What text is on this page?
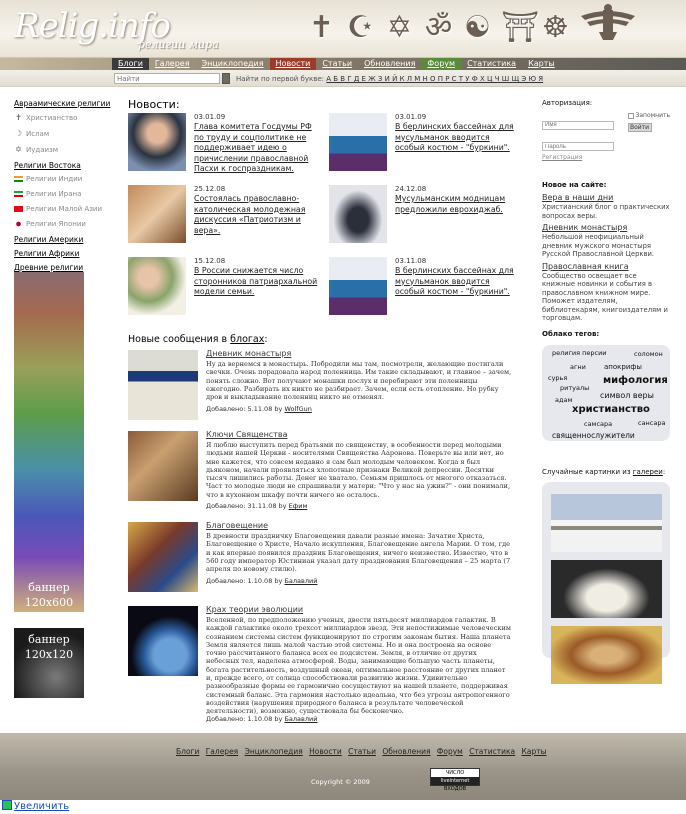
Relig.info
религии мира	✝ ☪ ✡ ॐ ☯ ⛩ ☸
Блоги	Галерея	Энциклопедия	Новости	Статьи	Обновления	Форум	Статистика	Карты
Найти
Найти по первой букве: А Б В Г Д Е Ж З И Й К Л М Н О П Р С Т У Ф Х Ц Ч Ш Щ Э Ю Я
Авраамические религии
✝ Христианство
☽ Ислам
✡ Иудаизм
Религии Востока
Религии Индии
Религии Ирана
Религии Малой Азии
Религии Японии
Религии Америки
Религии Африки
Древние религии
баннер
120x600
баннер
120x120
Новости:
03.01.09
Глава комитета Госдумы РФ по труду и соцполитике не поддерживает идею о причислении православной Пасхи к госпраздникам.
03.01.09
В берлинских бассейнах для мусульманок вводится особый костюм - "буркини".
25.12.08
Состоялась православно-католическая молодежная дискуссия «Патриотизм и вера».
24.12.08
Мусульманским модницам предложили еврохиджаб.
15.12.08
В России снижается число сторонников патриархальной модели семьи.
03.11.08
В берлинских бассейнах для мусульманок вводится особый костюм - "буркини".
Новые сообщения в блогах:
Дневник монастыря
Ну да вернемся в монастырь. Побродили мы там, посмотрели, желающие постигали свечки. Очень порадовала народ поленница. Им такие складывают, и главное – зачем, понять сложно. Вот получают монашки послух и перебирают эти поленницы ежегодно. Разбирать их никто не разбирает. Зачем, если есть отопление. Но рубку дров и выкладывание поленниц никто не отменял.
Добавлено: 5.11.08 by WolfGun
Ключи Священства
Я люблю выступить перед братьями по священству, в особенности перед молодыми людьми нашей Церкви - носителями Священства Ааронова. Поверьте вы или нет, но мне кажется, что совсем недавно я сам был молодым человеком. Когда я был дьяконом, начали проявляться хлопотные признаки Великой депрессии. Десятки тысяч лишились работы. Денег не хватало. Семьям пришлось от многого отказаться. Част то молодые люди не спрашивали у матери: "Что у нас на ужин?" - они понимали, что в кухонном шкафу почти ничего не осталось.
Добавлено: 31.11.08 by Ефим
Благовещение
В древности праздничку Благовещения давали разные имена: Зачатие Христа, Благовещение о Христе, Начало искупления, Благовещение ангела Марии. О том, где и как впервые появился праздник Благовещения, ничего неизвестно. Известно, что в 560 году император Юстиниан указал дату празднования Благовещения – 25 марта (7 апреля по новому стилю).
Добавлено: 1.10.08 by Балавлий
Крах теории эволюции
Вселенной, по предположению ученых, двести пятьдесят миллиардов галактик. В каждой галактике около трехсот миллиардов звезд. Эти непостижимые человеческим сознанием системы систем функционируют по строгим законам бытия. Наша планета Земля является лишь малой частью этой системы. Но и она построена на основе точно рассчитанного баланса всех ее подсистем. Земля, в отличие от других небесных тел, наделена атмосферой. Воды, занимающие большую часть планеты, богата растительность, воздушный океан, оптимальное расстояние от других планет и, прежде всего, от солнца способствовали развитию жизни. Удивительно разнообразные формы ее гармонично сосуществуют на нашей планете, поддерживая системный баланс. Эта гармония настолько идеальна, что без угрозы антропогенного воздействия (нарушения природного баланса в результате человеческой деятельности), возможно, существовала бы бесконечно.
Добавлено: 1.10.08 by Балавлий
Авторизация:
Имя Пароль
Запомнить
Войти
Регистрация
Новое на сайте:
Вера в наши дни
Христианский блог о практических вопросах веры.
Дневник монастыря
Небольшой неофициальный дневник мужского монастыря Русской Православной Церкви.
Православная книга
Сообщество освещает все книжные новинки и события в православном книжном мире. Поможет издателям, библиотекарям, книгоиздателям и торговцам.
Облако тегов:
религия персии	соломон
агни	апокрифы
сурья	мифология
ритуалы
символ веры
адам
христианство
самсара	сансара
священнослужители
Случайные картинки из галереи:
Блоги Галерея Энциклопедия Новости Статьи Обновления Форум Статистика Карты
Copyright © 2009
ЧИСЛО
liveinternet
ВХОДОВ
Увеличить
